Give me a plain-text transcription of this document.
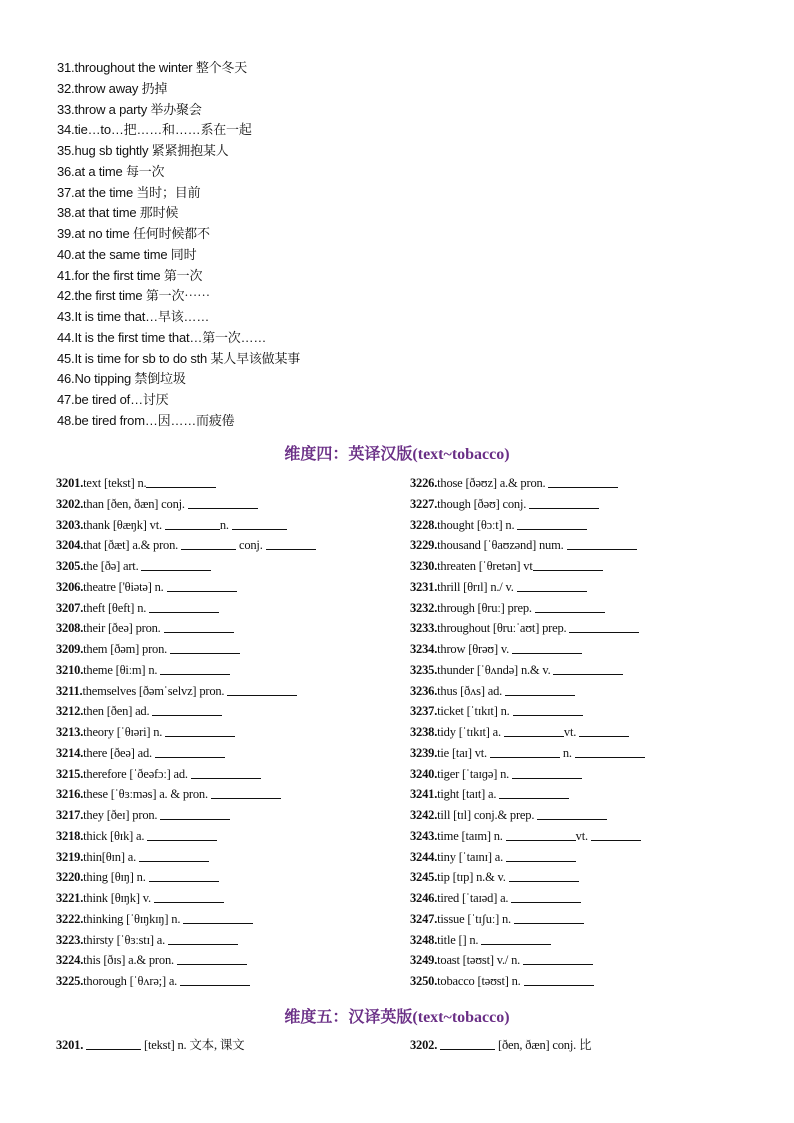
31.throughout the winter 整个冬天
32.throw away 扔掉
33.throw a party 举办聚会
34.tie…to…把……和……系在一起
35.hug sb tightly 紧紧拥抱某人
36.at a time 每一次
37.at the time 当时；目前
38.at that time 那时候
39.at no time 任何时候都不
40.at the same time 同时
41.for the first time 第一次
42.the first time 第一次⋯⋯
43.It is time that…早该……
44.It is the first time that…第一次……
45.It is time for sb to do sth 某人早该做某事
46.No tipping 禁倒垃圾
47.be tired of…讨厌
48.be tired from…因……而疲倦
维度四：英译汉版(text~tobacco)
3201.text [tekst] n.
3202.than [ðen, ðæn] conj.
3203.thank [θæŋk] vt.	n.
3204.that [ðæt] a.& pron.	conj.
3205.the [ðə] art.
3206.theatre ['θiətə] n.
3207.theft [θeft] n.
3208.their [ðeə] pron.
3209.them [ðəm] pron.
3210.theme [θiːm] n.
3211.themselves [ðəmˈselvz] pron.
3212.then [ðen] ad.
3213.theory [ˈθɪəri] n.
3214.there [ðeə] ad.
3215.therefore [ˈðeəfɔː] ad.
3216.these [ˈθɜːməs] a. & pron.
3217.they [ðeɪ] pron.
3218.thick [θɪk] a.
3219.thin[θɪn] a.
3220.thing [θɪŋ] n.
3221.think [θɪŋk] v.
3222.thinking [ˈθɪŋkɪŋ] n.
3223.thirsty [ˈθɜːstɪ] a.
3224.this [ðɪs] a.& pron.
3225.thorough [ˈθʌrə;] a.
3226.those [ðəʊz] a.& pron.
3227.though [ðəʊ] conj.
3228.thought [θɔːt] n.
3229.thousand [ˈθaʊzənd] num.
3230.threaten [ˈθretən] vt
3231.thrill [θrɪl] n./ v.
3232.through [θruː] prep.
3233.throughout [θruːˈaʊt] prep.
3234.throw [θrəʊ] v.
3235.thunder [ˈθʌndə] n.& v.
3236.thus [ðʌs] ad.
3237.ticket [ˈtɪkɪt] n.
3238.tidy [ˈtɪkɪt] a.	vt.
3239.tie [taɪ] vt.	n.
3240.tiger [ˈtaɪɡə] n.
3241.tight [taɪt] a.
3242.till [tɪl] conj.& prep.
3243.time [taɪm] n.	vt.
3244.tiny [ˈtaɪnɪ] a.
3245.tip [tɪp] n.& v.
3246.tired [ˈtaɪəd] a.
3247.tissue [ˈtɪʃuː] n.
3248.title [] n.
3249.toast [təʊst] v./ n.
3250.tobacco [təʊst] n.
维度五：汉译英版(text~tobacco)
3201.	[tekst] n. 文本, 课文	3202.	[ðen, ðæn] conj. 比
